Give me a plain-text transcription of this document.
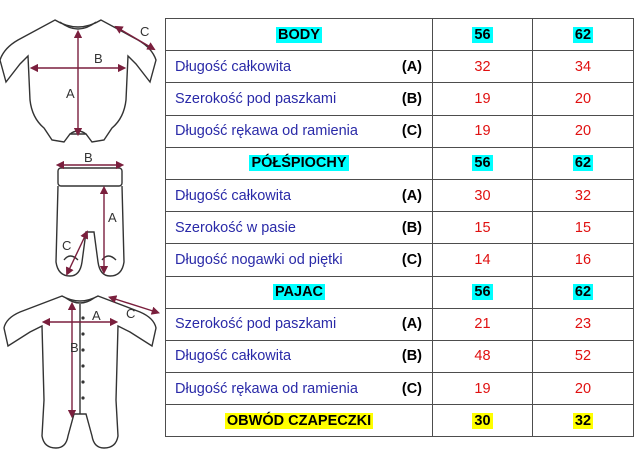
A
B
C
B
A
C
A
B
C
BODY	56	62

Długość całkowita (A)	32	34

Szerokość pod paszkami (B)	19	20

Długość rękawa od ramienia (C)	19	20
PÓŁŚPIOCHY	56	62

Długość całkowita (A)	30	32

Szerokość w pasie (B)	15	15

Długość nogawki od piętki (C)	14	16
PAJAC	56	62

Szerokość pod paszkami (A)	21	23

Długość całkowita (B)	48	52

Długość rękawa od ramienia (C)	19	20
OBWÓD CZAPECZKI	30	32
